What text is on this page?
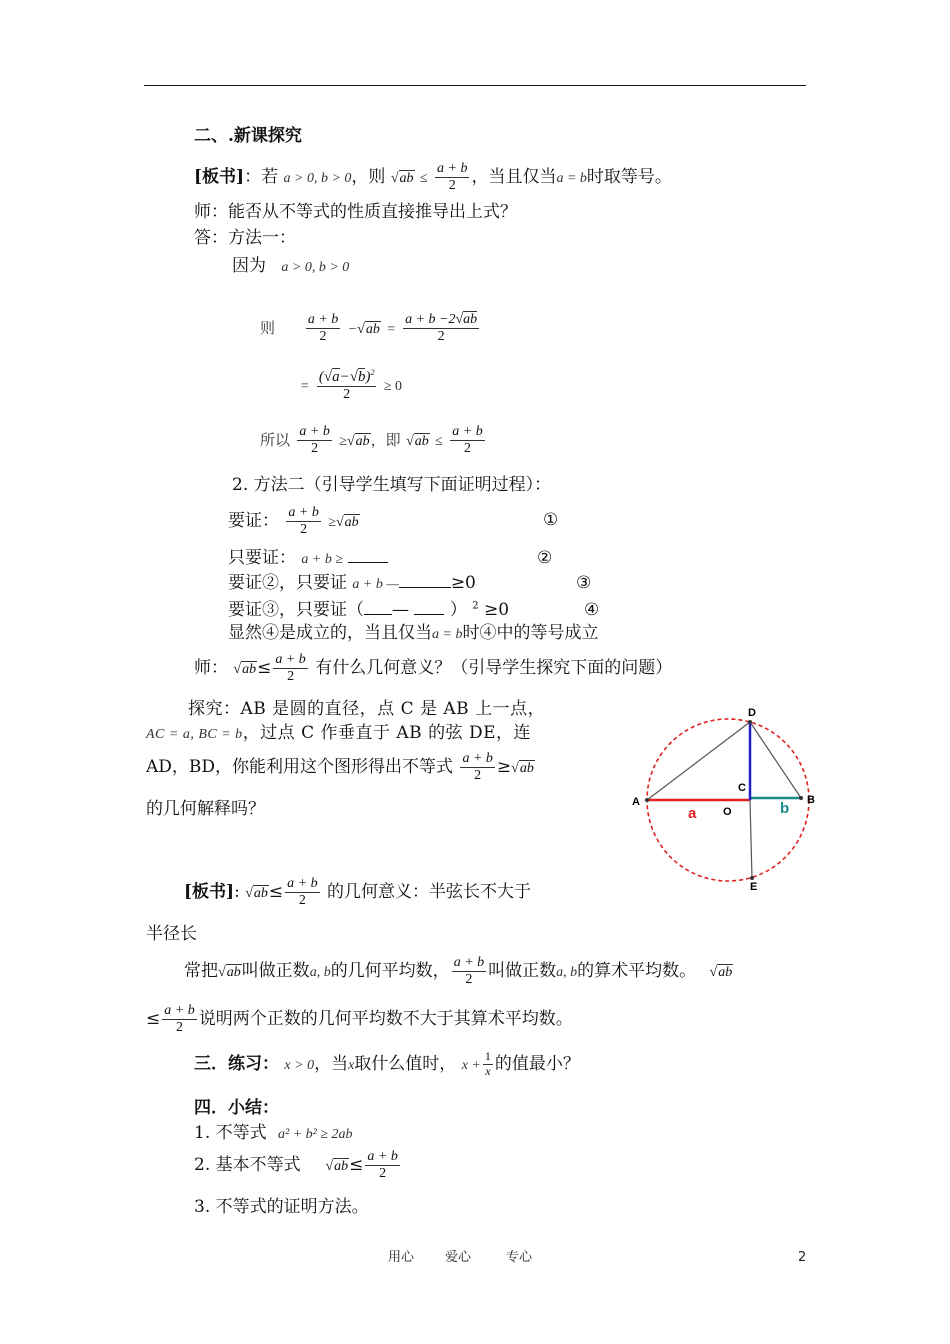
二、.新课探究
[板书]：若 a > 0, b > 0，则 $√ab \le \frac{a + b}{2}$ ，当且仅当a = b时取等号。
师：能否从不等式的性质直接推导出上式？
答：方法一：
因为 a > 0, b > 0
则 $\frac{a + b}{2} -√ab = \frac{a + b -2√ab}{2}$
= $\frac{(√a-√b)^2}{2} \ge 0$
所以 $\frac{a + b}{2} \ge√ab$，即 $√ab \le \frac{a + b}{2}$
2. 方法二（引导学生填写下面证明过程）：
要证： $\frac{a + b}{2} \ge√ab$	①
只要证： a + b ≥	②
要证②，只要证 a + b —	≥0	③
要证③，只要证（ — ） $^2$ ≥0	④
显然④是成立的，当且仅当a = b时④中的等号成立
师： $√ab\le \frac{a + b}{2}$ 有什么几何意义？（引导学生探究下面的问题）
探究：AB 是圆的直径，点 C 是 AB 上一点，
AC = a, BC = b，过点 C 作垂直于 AB 的弦 DE，连
AD，BD，你能利用这个图形得出不等式 $\frac{a + b}{2} \ge√ab$
的几何解释吗？	A	B
D
E
C
O
a	b
[板书]: $√ab\le \frac{a + b}{2}$ 的几何意义：半弦长不大于
半径长
常把√ab叫做正数a, b的几何平均数， $\frac{a + b}{2}$ 叫做正数a, b的算术平均数。 √ab
≤ $\frac{a + b}{2}$ 说明两个正数的几何平均数不大于其算术平均数。
三．练习： x > 0，当x取什么值时， $x + \frac{1}{x}$ 的值最小？
四．小结：
1. 不等式 a² + b² ≥ 2ab
2. 基本不等式 $√ab\le \frac{a + b}{2}$
3. 不等式的证明方法。
用心 爱心	专心	2
